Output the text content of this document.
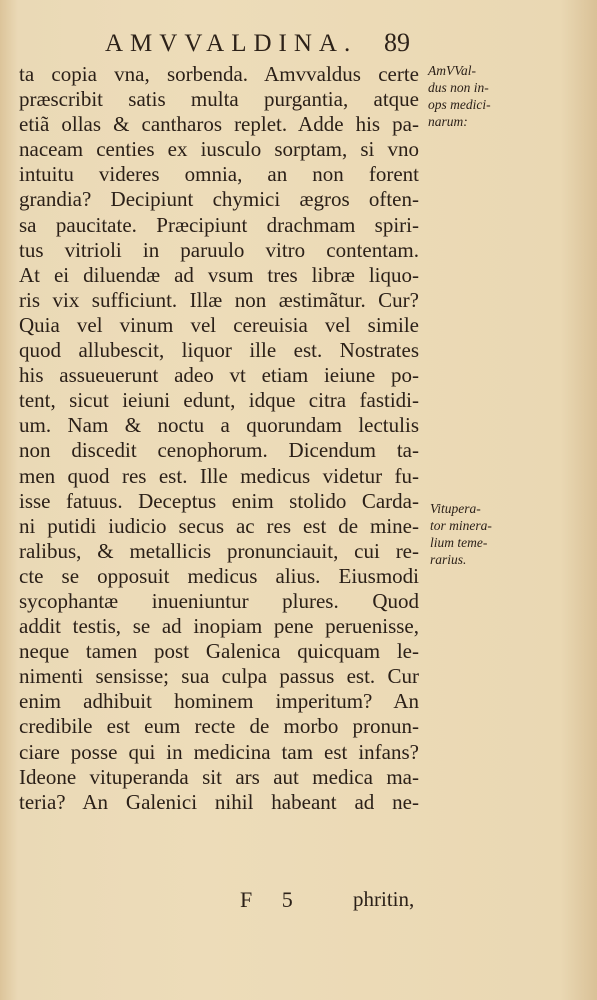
AMVVALDINA. 89
ta copia vna, sorbenda. Amvvaldus certe
præscribit satis multa purgantia, atque
etiã ollas & cantharos replet. Adde his pa-
naceam centies ex iusculo sorptam, si vno
intuitu videres omnia, an non forent
grandia? Decipiunt chymici ægros often-
sa paucitate. Præcipiunt drachmam spiri-
tus vitrioli in paruulo vitro contentam.
At ei diluendæ ad vsum tres libræ liquo-
ris vix sufficiunt. Illæ non æstimãtur. Cur?
Quia vel vinum vel cereuisia vel simile
quod allubescit, liquor ille est. Nostrates
his assueuerunt adeo vt etiam ieiune po-
tent, sicut ieiuni edunt, idque citra fastidi-
um. Nam & noctu a quorundam lectulis
non discedit cenophorum. Dicendum ta-
men quod res est. Ille medicus videtur fu-
isse fatuus. Deceptus enim stolido Carda-
ni putidi iudicio secus ac res est de mine-
ralibus, & metallicis pronunciauit, cui re-
cte se opposuit medicus alius. Eiusmodi
sycophantæ inueniuntur plures. Quod
addit testis, se ad inopiam pene peruenisse,
neque tamen post Galenica quicquam le-
nimenti sensisse; sua culpa passus est. Cur
enim adhibuit hominem imperitum? An
credibile est eum recte de morbo pronun-
ciare posse qui in medicina tam est infans?
Ideone vituperanda sit ars aut medica ma-
teria? An Galenici nihil habeant ad ne-
AmVVal-
dus non in-
ops medici-
narum:
Vitupera-
tor minera-
lium teme-
rarius.
F 5 phritin,
